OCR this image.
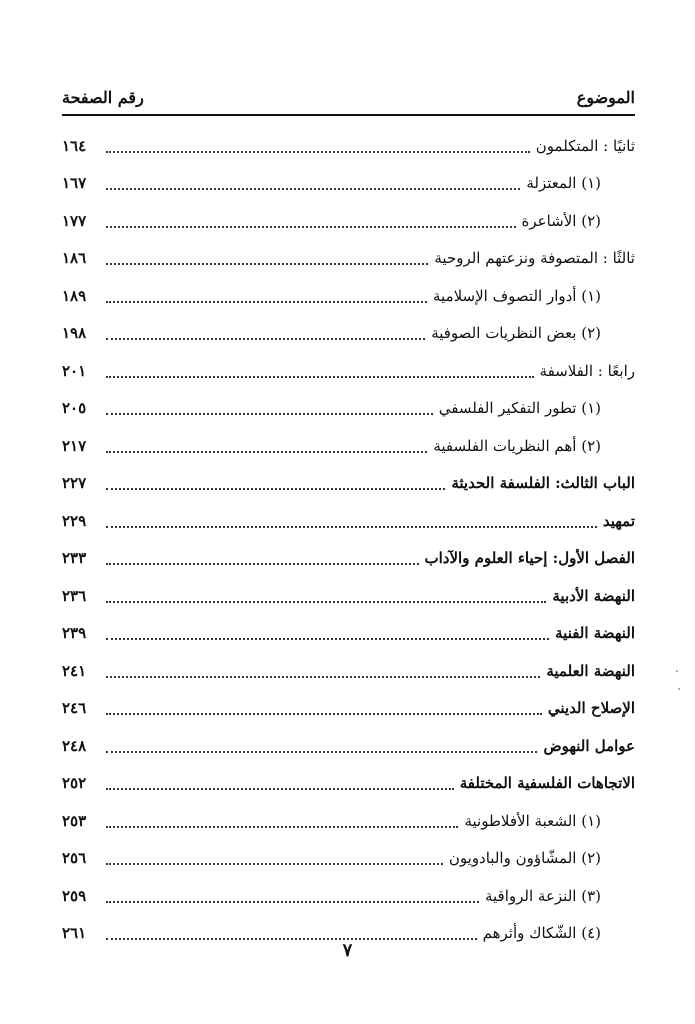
الموضوع
رقم الصفحة
ثانيًا : المتكلمون
١٦٤
(١) المعتزلة
١٦٧
(٢) الأشاعرة
١٧٧
ثالثًا : المتصوفة ونزعتهم الروحية
١٨٦
(١) أدوار التصوف الإسلامية
١٨٩
(٢) بعض النظريات الصوفية
١٩٨
رابعًا : الفلاسفة
٢٠١
(١) تطور التفكير الفلسفي
٢٠٥
(٢) أهم النظريات الفلسفية
٢١٧
الباب الثالث: الفلسفة الحديثة
٢٢٧
تمهيد
٢٢٩
الفصل الأول: إحياء العلوم والآداب
٢٣٣
النهضة الأدبية
٢٣٦
النهضة الفنية
٢٣٩
النهضة العلمية
٢٤١
الإصلاح الديني
٢٤٦
عوامل النهوض
٢٤٨
الاتجاهات الفلسفية المختلفة
٢٥٢
(١) الشعبة الأفلاطونية
٢٥٣
(٢) المشّاؤون والبادويون
٢٥٦
(٣) النزعة الرواقية
٢٥٩
(٤) الشّكاك وأثرهم
٢٦١
٧
